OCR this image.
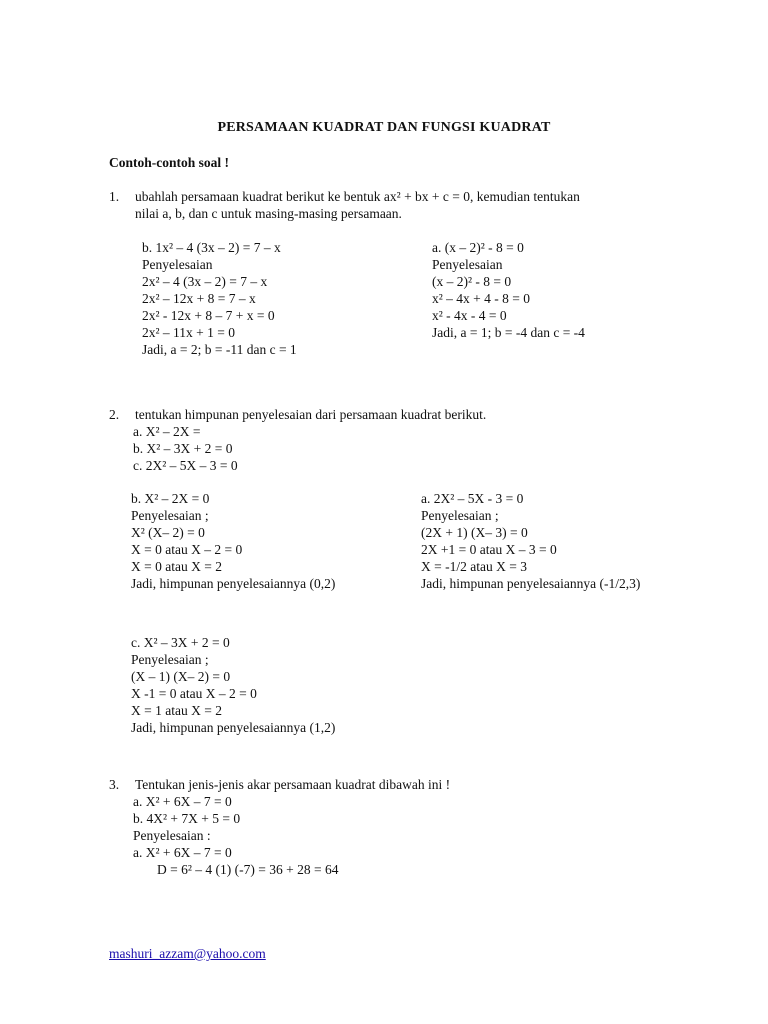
PERSAMAAN KUADRAT DAN FUNGSI KUADRAT
Contoh-contoh soal !
1. ubahlah persamaan kuadrat berikut ke bentuk ax² + bx + c = 0, kemudian tentukan
nilai a, b, dan c untuk masing-masing persamaan.
b. 1x² – 4 (3x – 2) = 7 – x
Penyelesaian
2x² – 4 (3x – 2) = 7 – x
2x² – 12x + 8 = 7 – x
2x² - 12x + 8 – 7 + x = 0
2x² – 11x + 1 = 0
Jadi, a = 2; b = -11 dan c = 1
a. (x – 2)² - 8 = 0
Penyelesaian
(x – 2)² - 8 = 0
x² – 4x + 4 - 8 = 0
x² - 4x - 4 = 0
Jadi, a = 1; b = -4 dan c = -4
2. tentukan himpunan penyelesaian dari persamaan kuadrat berikut.
a. X² – 2X =
b. X² – 3X + 2 = 0
c. 2X² – 5X – 3 = 0
b. X² – 2X = 0
Penyelesaian ;
X² (X– 2) = 0
X = 0 atau X – 2 = 0
X = 0 atau X = 2
Jadi, himpunan penyelesaiannya (0,2)
a. 2X² – 5X - 3 = 0
Penyelesaian ;
(2X + 1) (X– 3) = 0
2X +1 = 0 atau X – 3 = 0
X = -1/2 atau X = 3
Jadi, himpunan penyelesaiannya (-1/2,3)
c. X² – 3X + 2 = 0
Penyelesaian ;
(X – 1) (X– 2) = 0
X -1 = 0 atau X – 2 = 0
X = 1 atau X = 2
Jadi, himpunan penyelesaiannya (1,2)
3. Tentukan jenis-jenis akar persamaan kuadrat dibawah ini !
a. X² + 6X – 7 = 0
b. 4X² + 7X + 5 = 0
Penyelesaian :
a. X² + 6X – 7 = 0
D = 6² – 4 (1) (-7) = 36 + 28 = 64
mashuri_azzam@yahoo.com
